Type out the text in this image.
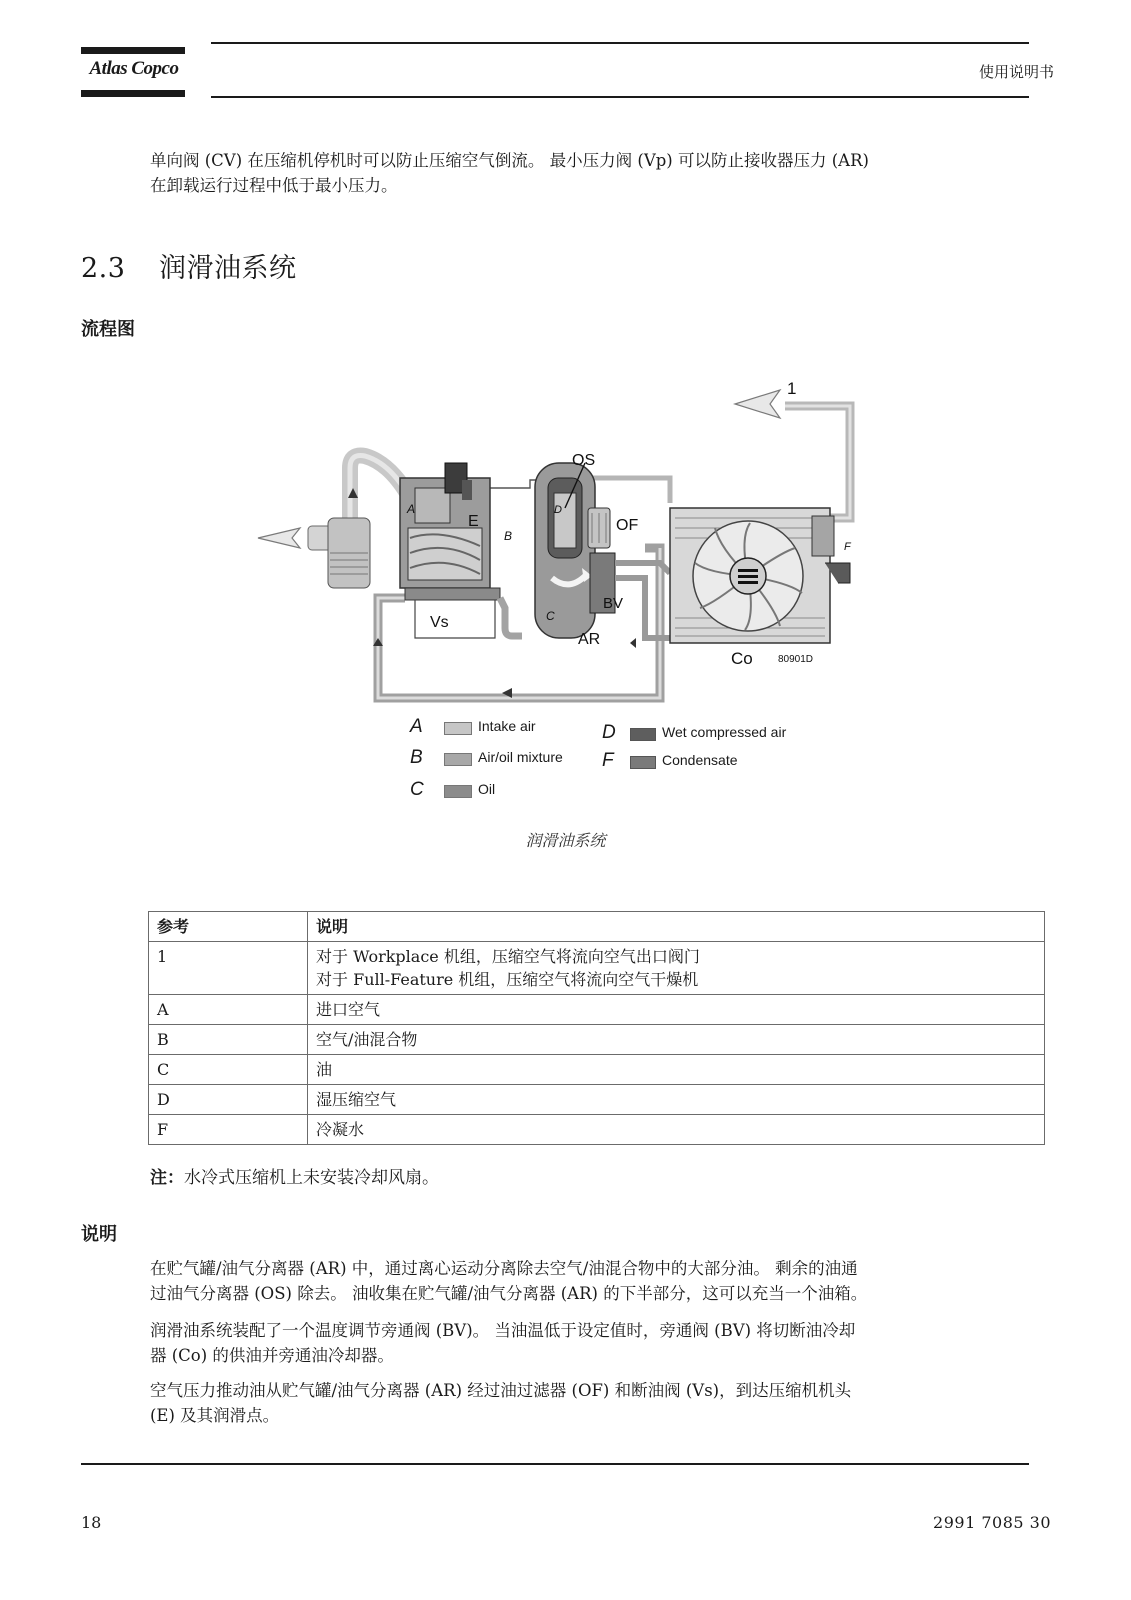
Atlas Copco	使用说明书

单向阀 (CV) 在压缩机停机时可以防止压缩空气倒流。 最小压力阀 (Vp) 可以防止接收器压力 (AR)

在卸载运行过程中低于最小压力。

2.3 润滑油系统
流程图
1
E
A
Vs
OS
D
B
C
AR
OF
BV
Co	80901D
F
A	Intake air
B	Air/oil mixture
C	Oil
D	Wet compressed air
F	Condensate
润滑油系统
参考	说明
1	对于 Workplace 机组，压缩空气将流向空气出口阀门
对于 Full-Feature 机组，压缩空气将流向空气干燥机

A	进口空气
B	空气/油混合物
C	油
D	湿压缩空气
F	冷凝水
注：水冷式压缩机上未安装冷却风扇。
说明

在贮气罐/油气分离器 (AR) 中，通过离心运动分离除去空气/油混合物中的大部分油。 剩余的油通

过油气分离器 (OS) 除去。 油收集在贮气罐/油气分离器 (AR) 的下半部分，这可以充当一个油箱。

润滑油系统装配了一个温度调节旁通阀 (BV)。 当油温低于设定值时，旁通阀 (BV) 将切断油冷却

器 (Co) 的供油并旁通油冷却器。

空气压力推动油从贮气罐/油气分离器 (AR) 经过油过滤器 (OF) 和断油阀 (Vs)，到达压缩机机头

(E) 及其润滑点。

18	2991 7085 30
